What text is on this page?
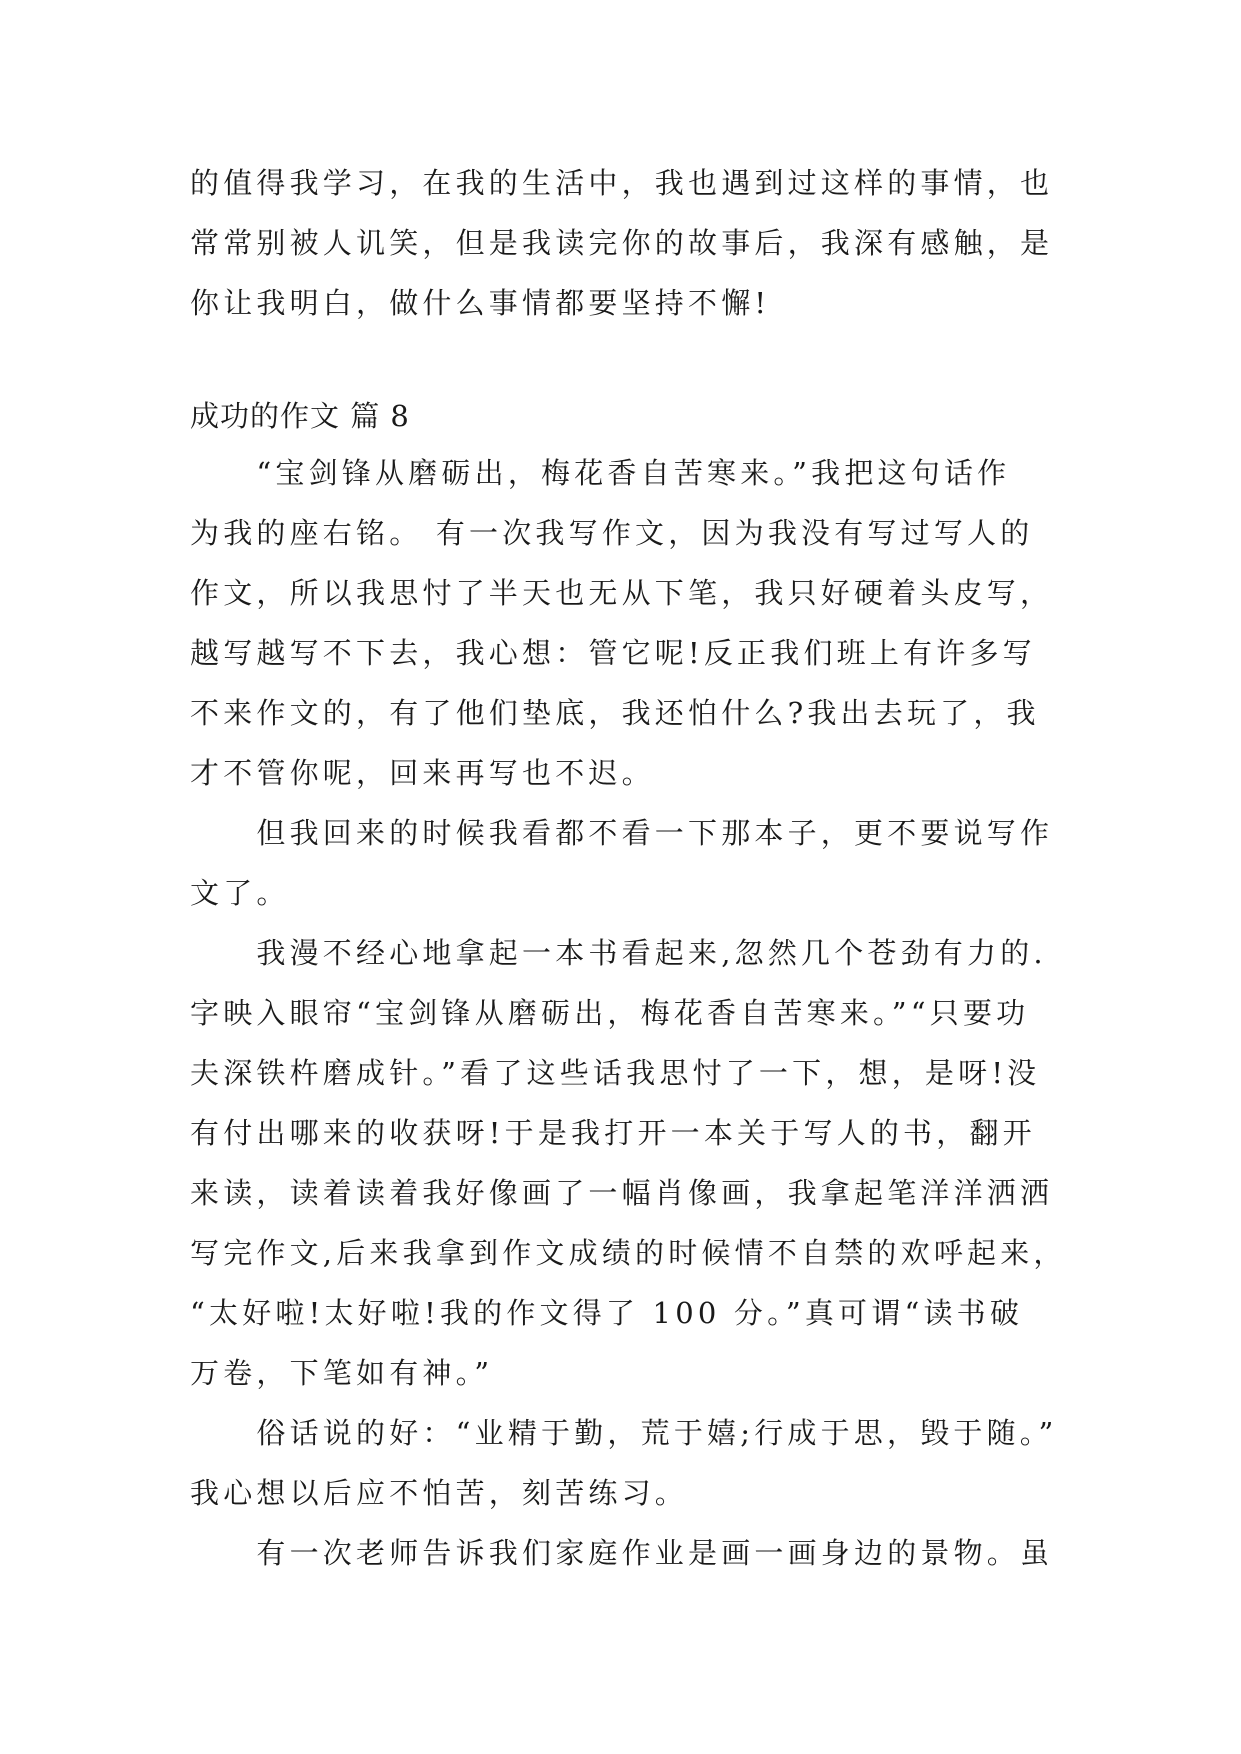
的值得我学习，在我的生活中，我也遇到过这样的事情，也
常常别被人讥笑，但是我读完你的故事后，我深有感触，是
你让我明白，做什么事情都要坚持不懈!
成功的作文 篇 8
　　“宝剑锋从磨砺出，梅花香自苦寒来。”我把这句话作
为我的座右铭。 有一次我写作文，因为我没有写过写人的
作文，所以我思忖了半天也无从下笔，我只好硬着头皮写，
越写越写不下去，我心想：管它呢!反正我们班上有许多写
不来作文的，有了他们垫底，我还怕什么?我出去玩了，我
才不管你呢，回来再写也不迟。
　　但我回来的时候我看都不看一下那本子，更不要说写作
文了。
　　我漫不经心地拿起一本书看起来,忽然几个苍劲有力的.
字映入眼帘“宝剑锋从磨砺出，梅花香自苦寒来。”“只要功
夫深铁杵磨成针。”看了这些话我思忖了一下，想，是呀!没
有付出哪来的收获呀!于是我打开一本关于写人的书，翻开
来读，读着读着我好像画了一幅肖像画，我拿起笔洋洋洒洒
写完作文,后来我拿到作文成绩的时候情不自禁的欢呼起来，
“太好啦!太好啦!我的作文得了 100 分。”真可谓“读书破
万卷，下笔如有神。”
　　俗话说的好：“业精于勤，荒于嬉;行成于思，毁于随。”
我心想以后应不怕苦，刻苦练习。
　　有一次老师告诉我们家庭作业是画一画身边的景物。虽
